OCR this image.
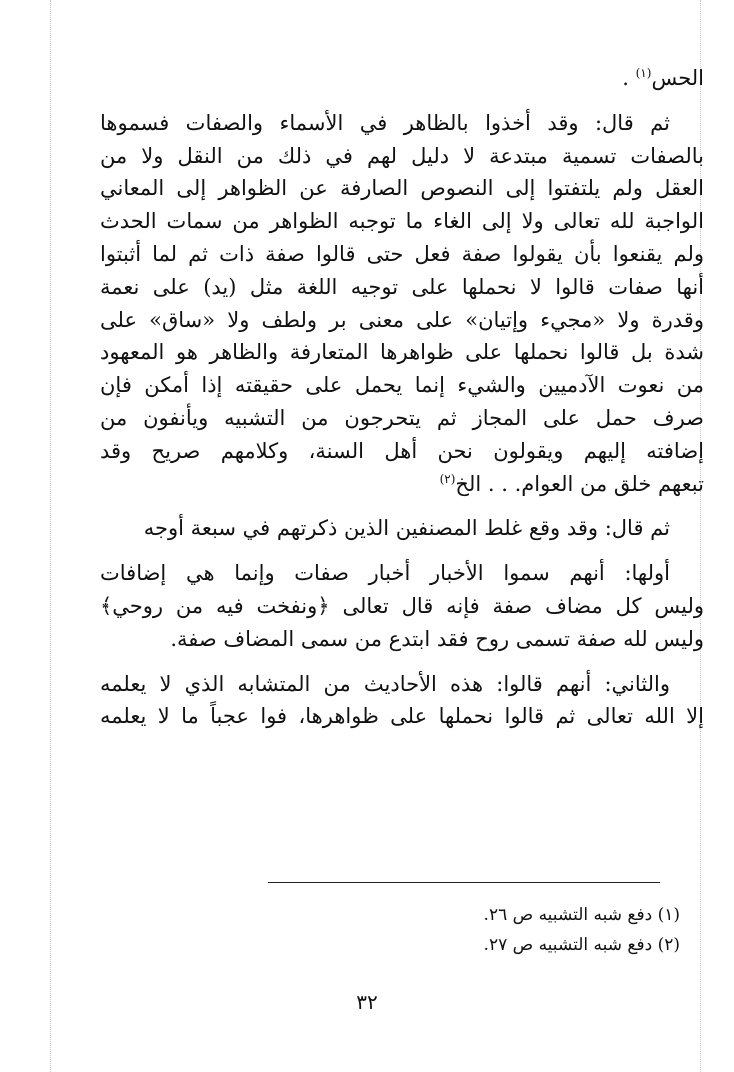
الحس$^{(١)}$ .
ثم قال: وقد أخذوا بالظاهر في الأسماء والصفات فسموها
بالصفات تسمية مبتدعة لا دليل لهم في ذلك من النقل ولا من
العقل ولم يلتفتوا إلى النصوص الصارفة عن الظواهر إلى المعاني
الواجبة لله تعالى ولا إلى الغاء ما توجبه الظواهر من سمات الحدث
ولم يقنعوا بأن يقولوا صفة فعل حتى قالوا صفة ذات ثم لما أثبتوا
أنها صفات قالوا لا نحملها على توجيه اللغة مثل (يد) على نعمة
وقدرة ولا «مجيء وإتيان» على معنى بر ولطف ولا «ساق» على
شدة بل قالوا نحملها على ظواهرها المتعارفة والظاهر هو المعهود
من نعوت الآدميين والشيء إنما يحمل على حقيقته إذا أمكن فإن
صرف حمل على المجاز ثم يتحرجون من التشبيه ويأنفون من
إضافته إليهم ويقولون نحن أهل السنة، وكلامهم صريح وقد
تبعهم خلق من العوام. . . الخ$^{(٢)}$
ثم قال: وقد وقع غلط المصنفين الذين ذكرتهم في سبعة أوجه
أولها: أنهم سموا الأخبار أخبار صفات وإنما هي إضافات
وليس كل مضاف صفة فإنه قال تعالى ﴿ونفخت فيه من روحي﴾
وليس لله صفة تسمى روح فقد ابتدع من سمى المضاف صفة.
والثاني: أنهم قالوا: هذه الأحاديث من المتشابه الذي لا يعلمه
إلا الله تعالى ثم قالوا نحملها على ظواهرها، فوا عجباً ما لا يعلمه
(١) دفع شبه التشبيه ص ٢٦.
(٢) دفع شبه التشبيه ص ٢٧.
٣٢
